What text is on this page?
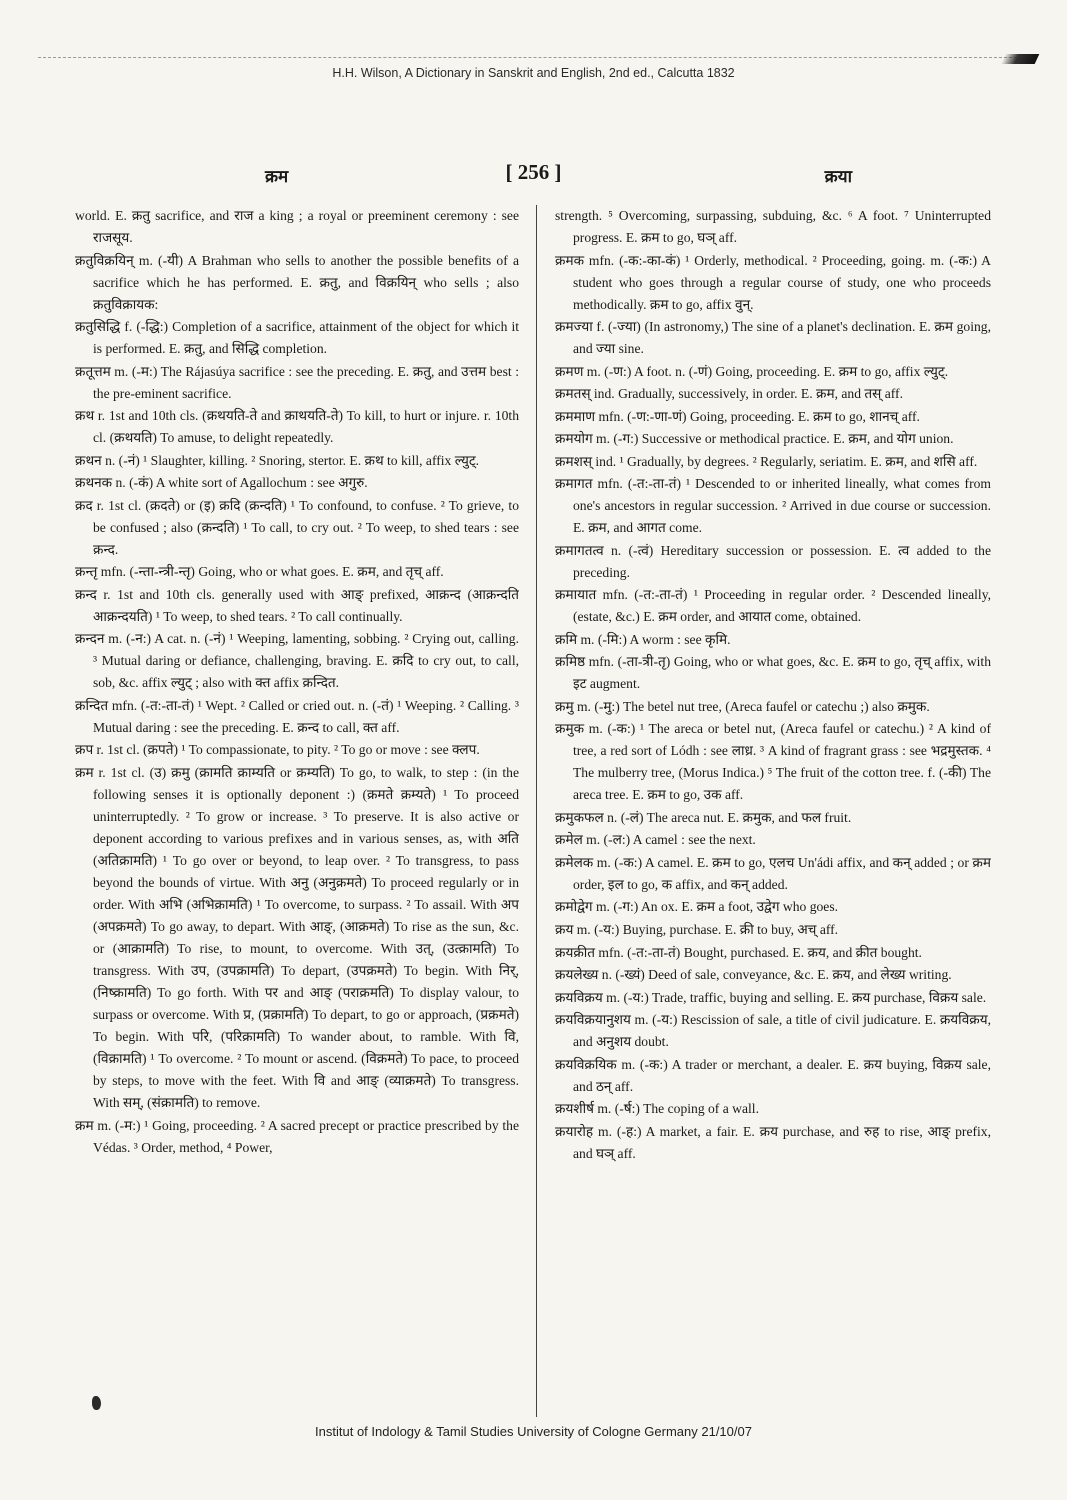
H.H. Wilson, A Dictionary in Sanskrit and English, 2nd ed., Calcutta 1832
क्रम	[ 256 ]	क्रया

world. E. क्रतु sacrifice, and राज a king ; a royal or preeminent ceremony : see राजसूय.

क्रतुविक्रयिन् m. (-यी) A Brahman who sells to another the possible benefits of a sacrifice which he has performed. E. क्रतु, and विक्रयिन् who sells ; also क्रतुविक्रायक:

क्रतुसिद्धि f. (-द्धि:) Completion of a sacrifice, attainment of the object for which it is performed. E. क्रतु, and सिद्धि completion.

क्रतूत्तम m. (-म:) The Rájasúya sacrifice : see the preceding. E. क्रतु, and उत्तम best : the pre-eminent sacrifice.

क्रथ r. 1st and 10th cls. (क्रथयति-ते and क्राथयति-ते) To kill, to hurt or injure. r. 10th cl. (क्रथयति) To amuse, to delight repeatedly.

क्रथन n. (-नं) ¹ Slaughter, killing. ² Snoring, stertor. E. क्रथ to kill, affix ल्युट्.

क्रथनक n. (-कं) A white sort of Agallochum : see अगुरु.

क्रद r. 1st cl. (क्रदते) or (इ) क्रदि (क्रन्दति) ¹ To confound, to confuse. ² To grieve, to be confused ; also (क्रन्दति) ¹ To call, to cry out. ² To weep, to shed tears : see क्रन्द.

क्रन्तृ mfn. (-न्ता-न्त्री-न्तृ) Going, who or what goes. E. क्रम, and तृच् aff.

क्रन्द r. 1st and 10th cls. generally used with आङ् prefixed, आक्रन्द (आक्रन्दति आक्रन्दयति) ¹ To weep, to shed tears. ² To call continually.

क्रन्दन m. (-न:) A cat. n. (-नं) ¹ Weeping, lamenting, sobbing. ² Crying out, calling. ³ Mutual daring or defiance, challenging, braving. E. क्रदि to cry out, to call, sob, &c. affix ल्युट् ; also with क्त affix क्रन्दित.

क्रन्दित mfn. (-त:-ता-तं) ¹ Wept. ² Called or cried out. n. (-तं) ¹ Weeping. ² Calling. ³ Mutual daring : see the preceding. E. क्रन्द to call, क्त aff.

क्रप r. 1st cl. (क्रपते) ¹ To compassionate, to pity. ² To go or move : see क्लप.

क्रम r. 1st cl. (उ) क्रमु (क्रामति क्राम्यति or क्रम्यति) To go, to walk, to step : (in the following senses it is optionally deponent :) (क्रमते क्रम्यते) ¹ To proceed uninterruptedly. ² To grow or increase. ³ To preserve. It is also active or deponent according to various prefixes and in various senses, as, with अति (अतिक्रामति) ¹ To go over or beyond, to leap over. ² To transgress, to pass beyond the bounds of virtue. With अनु (अनुक्रमते) To proceed regularly or in order. With अभि (अभिक्रामति) ¹ To overcome, to surpass. ² To assail. With अप (अपक्रमते) To go away, to depart. With आङ्, (आक्रमते) To rise as the sun, &c. or (आक्रामति) To rise, to mount, to overcome. With उत्, (उत्क्रामति) To transgress. With उप, (उपक्रामति) To depart, (उपक्रमते) To begin. With निर्, (निष्क्रामति) To go forth. With पर and आङ् (पराक्रमति) To display valour, to surpass or overcome. With प्र, (प्रक्रामति) To depart, to go or approach, (प्रक्रमते) To begin. With परि, (परिक्रामति) To wander about, to ramble. With वि, (विक्रामति) ¹ To overcome. ² To mount or ascend. (विक्रमते) To pace, to proceed by steps, to move with the feet. With वि and आङ् (व्याक्रमते) To transgress. With सम्, (संक्रामति) to remove.

क्रम m. (-म:) ¹ Going, proceeding. ² A sacred precept or practice prescribed by the Védas. ³ Order, method, ⁴ Power,

strength. ⁵ Overcoming, surpassing, subduing, &c. ⁶ A foot. ⁷ Uninterrupted progress. E. क्रम to go, घञ् aff.

क्रमक mfn. (-क:-का-कं) ¹ Orderly, methodical. ² Proceeding, going. m. (-क:) A student who goes through a regular course of study, one who proceeds methodically. क्रम to go, affix वुन्.

क्रमज्या f. (-ज्या) (In astronomy,) The sine of a planet's declination. E. क्रम going, and ज्या sine.

क्रमण m. (-ण:) A foot. n. (-णं) Going, proceeding. E. क्रम to go, affix ल्युट्.

क्रमतस् ind. Gradually, successively, in order. E. क्रम, and तस् aff.

क्रममाण mfn. (-ण:-णा-णं) Going, proceeding. E. क्रम to go, शानच् aff.

क्रमयोग m. (-ग:) Successive or methodical practice. E. क्रम, and योग union.

क्रमशस् ind. ¹ Gradually, by degrees. ² Regularly, seriatim. E. क्रम, and शसि aff.

क्रमागत mfn. (-त:-ता-तं) ¹ Descended to or inherited lineally, what comes from one's ancestors in regular succession. ² Arrived in due course or succession. E. क्रम, and आगत come.

क्रमागतत्व n. (-त्वं) Hereditary succession or possession. E. त्व added to the preceding.

क्रमायात mfn. (-त:-ता-तं) ¹ Proceeding in regular order. ² Descended lineally, (estate, &c.) E. क्रम order, and आयात come, obtained.

क्रमि m. (-मि:) A worm : see कृमि.

क्रमिष्ठ mfn. (-ता-त्री-तृ) Going, who or what goes, &c. E. क्रम to go, तृच् affix, with इट augment.

क्रमु m. (-मु:) The betel nut tree, (Areca faufel or catechu ;) also क्रमुक.

क्रमुक m. (-क:) ¹ The areca or betel nut, (Areca faufel or catechu.) ² A kind of tree, a red sort of Lódh : see लाध्र. ³ A kind of fragrant grass : see भद्रमुस्तक. ⁴ The mulberry tree, (Morus Indica.) ⁵ The fruit of the cotton tree. f. (-की) The areca tree. E. क्रम to go, उक aff.

क्रमुकफल n. (-लं) The areca nut. E. क्रमुक, and फल fruit.

क्रमेल m. (-ल:) A camel : see the next.

क्रमेलक m. (-क:) A camel. E. क्रम to go, एलच Un'ádi affix, and कन् added ; or क्रम order, इल to go, क affix, and कन् added.

क्रमोद्वेग m. (-ग:) An ox. E. क्रम a foot, उद्वेग who goes.

क्रय m. (-य:) Buying, purchase. E. क्री to buy, अच् aff.

क्रयक्रीत mfn. (-त:-ता-तं) Bought, purchased. E. क्रय, and क्रीत bought.

क्रयलेख्य n. (-ख्यं) Deed of sale, conveyance, &c. E. क्रय, and लेख्य writing.

क्रयविक्रय m. (-य:) Trade, traffic, buying and selling. E. क्रय purchase, विक्रय sale.

क्रयविक्रयानुशय m. (-य:) Rescission of sale, a title of civil judicature. E. क्रयविक्रय, and अनुशय doubt.

क्रयविक्रयिक m. (-क:) A trader or merchant, a dealer. E. क्रय buying, विक्रय sale, and ठन् aff.

क्रयशीर्ष m. (-र्ष:) The coping of a wall.

क्रयारोह m. (-ह:) A market, a fair. E. क्रय purchase, and रुह to rise, आङ् prefix, and घञ् aff.

Institut of Indology & Tamil Studies University of Cologne Germany 21/10/07
